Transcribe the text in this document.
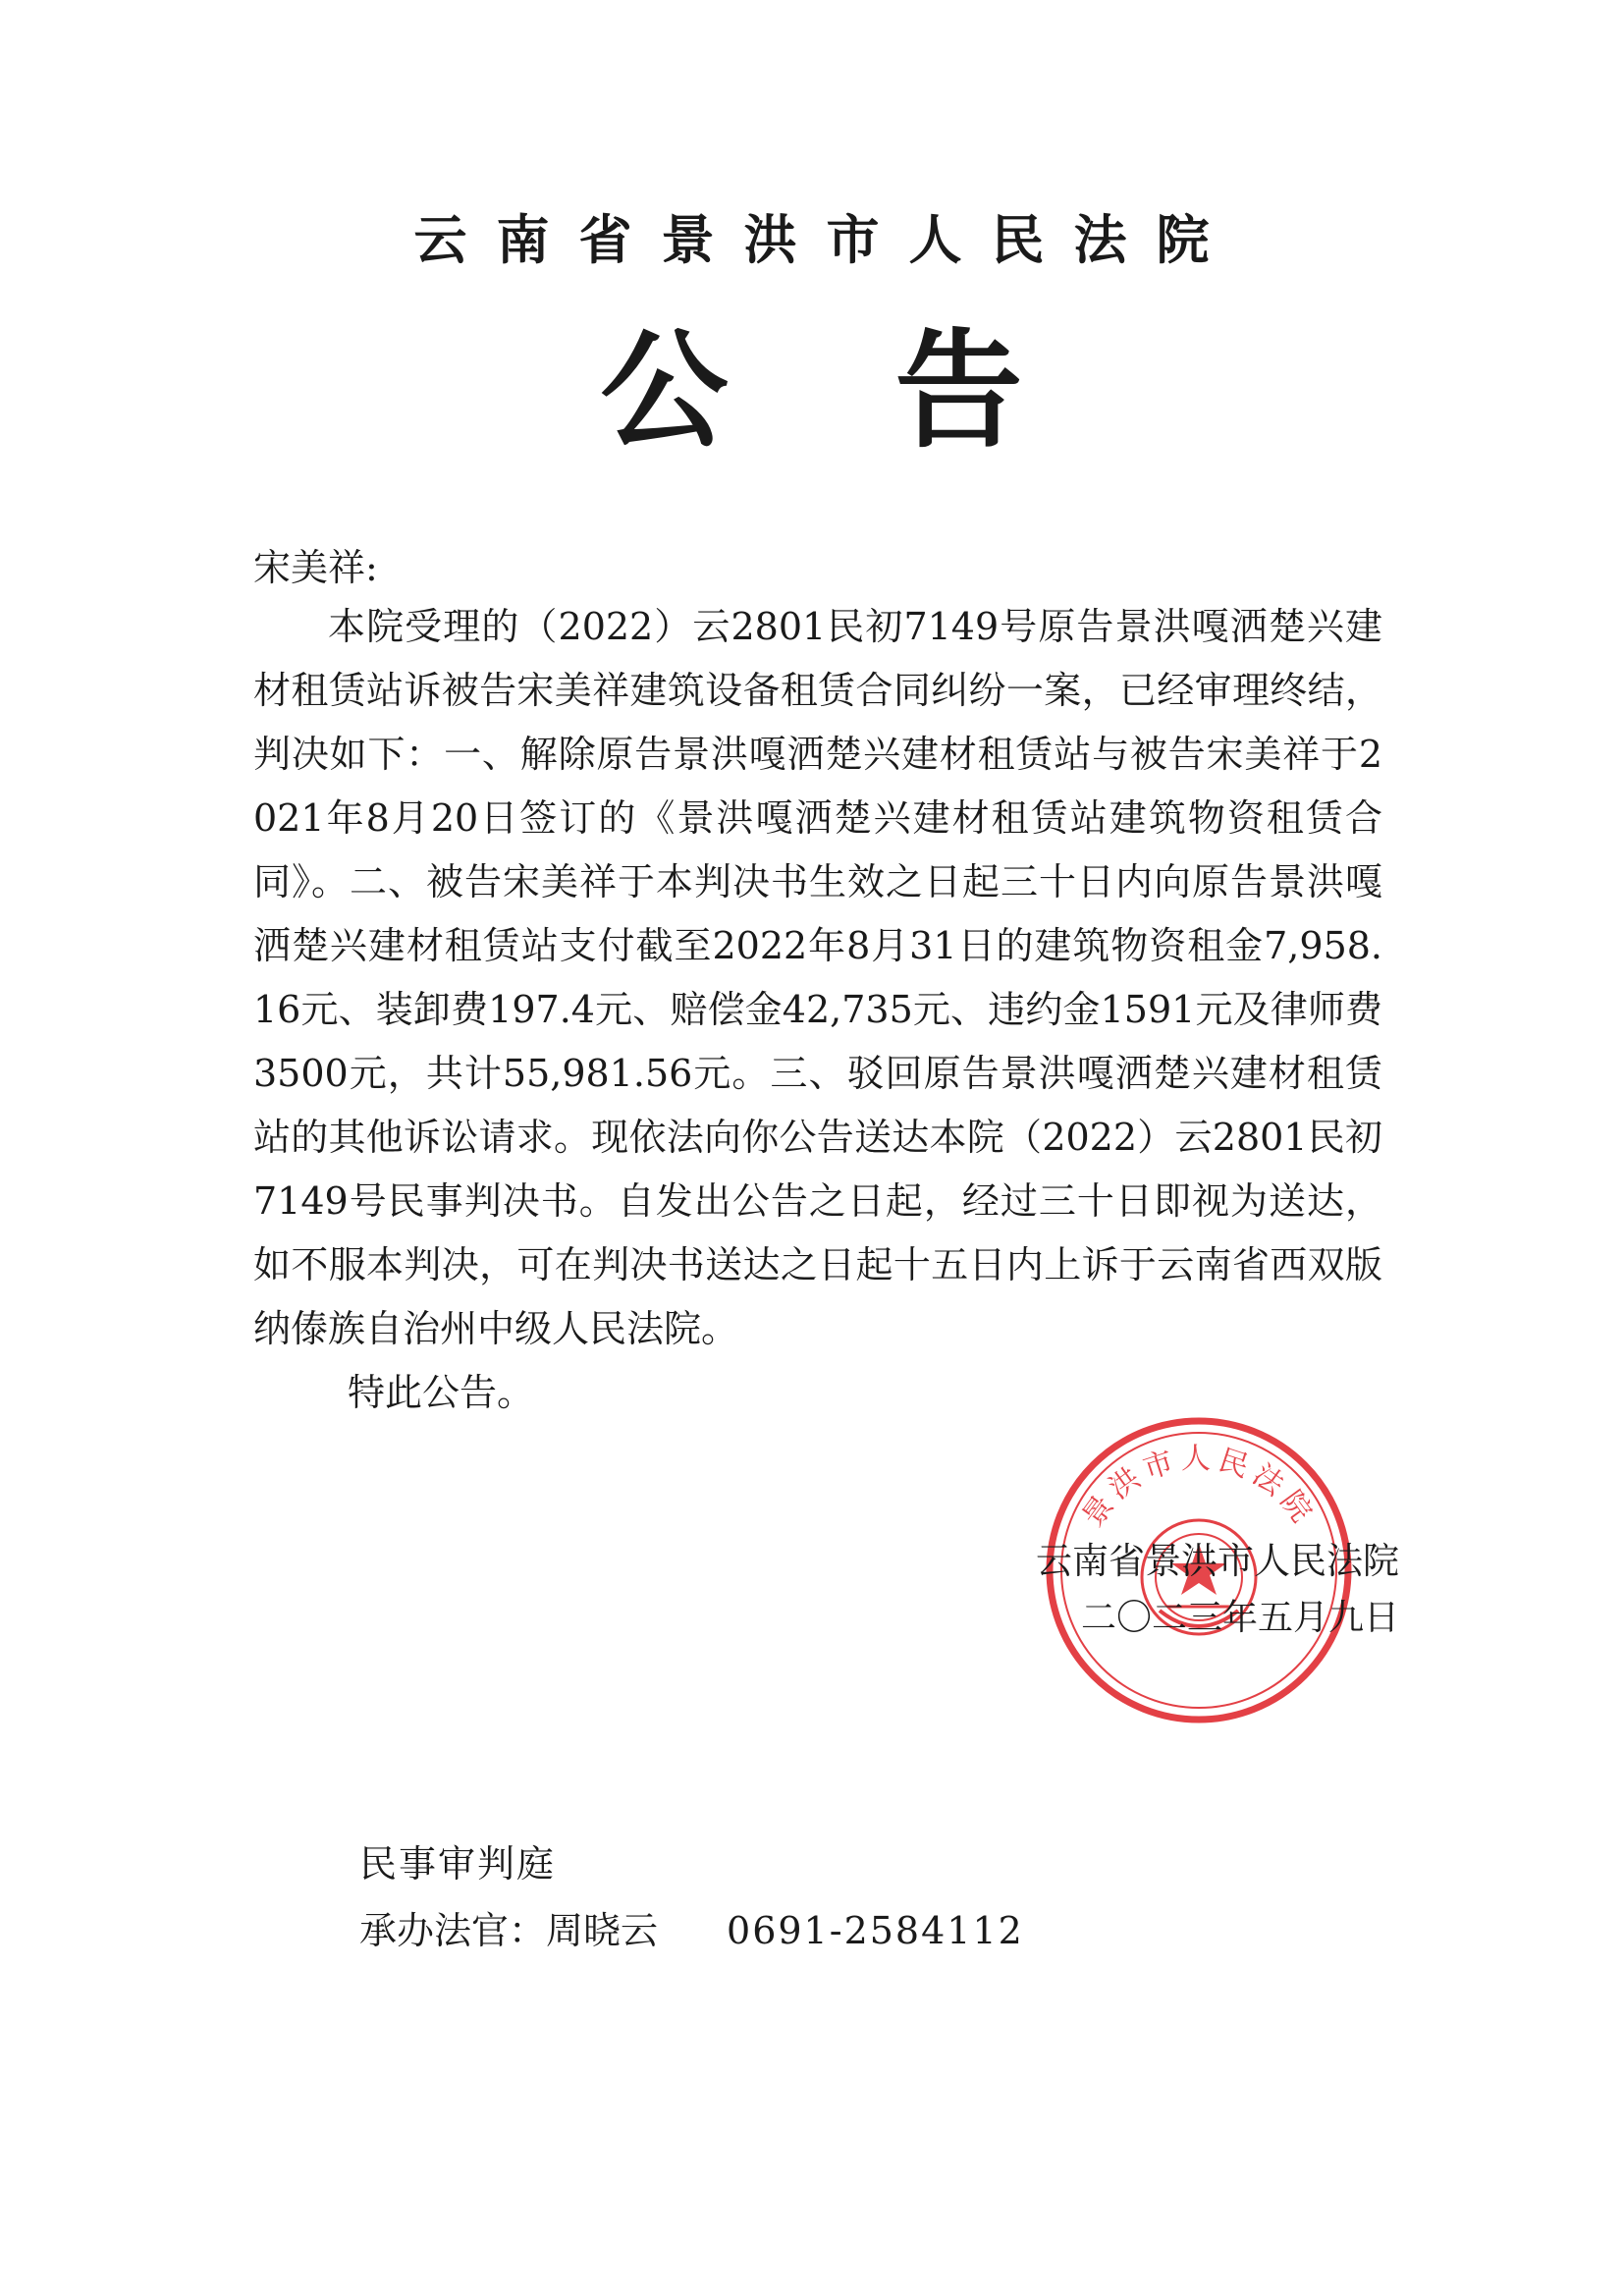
云南省景洪市人民法院
公告
宋美祥:
本院受理的（2022）云2801民初7149号原告景洪嘎洒楚兴建材租赁站诉被告宋美祥建筑设备租赁合同纠纷一案，已经审理终结，判决如下：一、解除原告景洪嘎洒楚兴建材租赁站与被告宋美祥于2021年8月20日签订的《景洪嘎洒楚兴建材租赁站建筑物资租赁合同》。二、被告宋美祥于本判决书生效之日起三十日内向原告景洪嘎洒楚兴建材租赁站支付截至2022年8月31日的建筑物资租金7,958.16元、装卸费197.4元、赔偿金42,735元、违约金1591元及律师费3500元，共计55,981.56元。三、驳回原告景洪嘎洒楚兴建材租赁站的其他诉讼请求。现依法向你公告送达本院（2022）云2801民初7149号民事判决书。自发出公告之日起，经过三十日即视为送达，如不服本判决，可在判决书送达之日起十五日内上诉于云南省西双版纳傣族自治州中级人民法院。
特此公告。
景洪市人民法院
云南省景洪市人民法院
二〇二三年五月九日
民事审判庭
承办法官：周晓云 0691-2584112
